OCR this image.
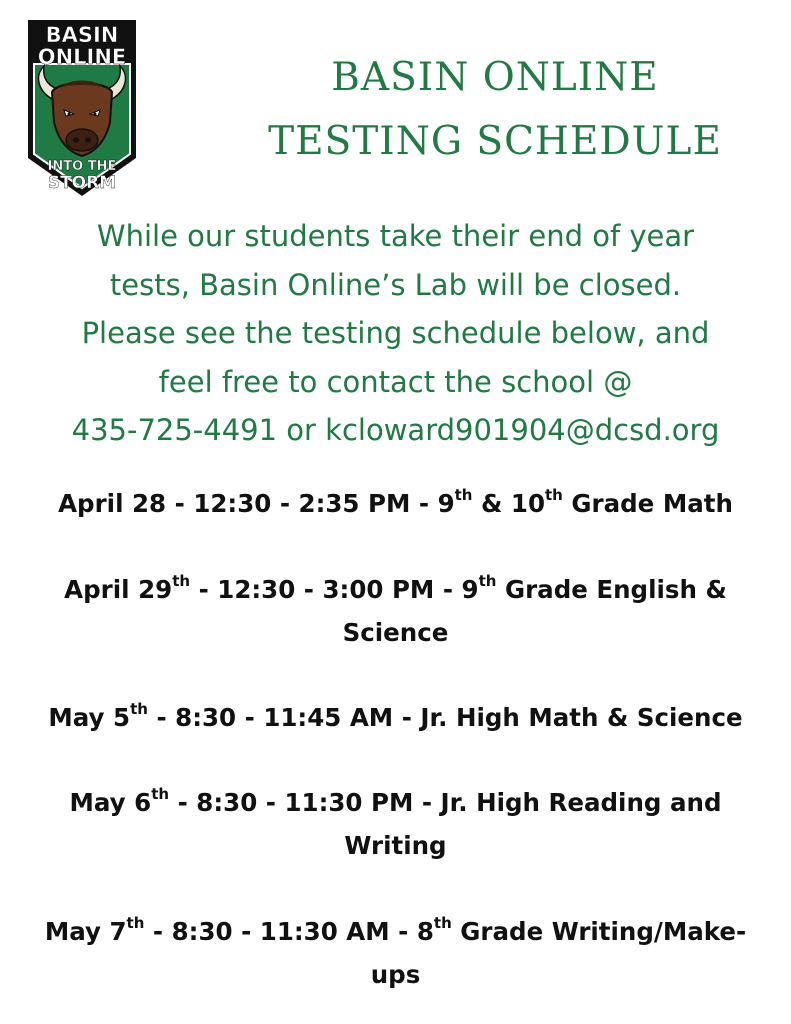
BASIN
ONLINE
INTO THE
STORM
BASIN ONLINE
TESTING SCHEDULE

While our students take their end of year
tests, Basin Online’s Lab will be closed.
Please see the testing schedule below, and
feel free to contact the school @
435-725-4491 or kcloward901904@dcsd.org

April 28 - 12:30 - 2:35 PM - 9th & 10th Grade Math
April 29th - 12:30 - 3:00 PM - 9th Grade English &
Science
May 5th - 8:30 - 11:45 AM - Jr. High Math & Science
May 6th - 8:30 - 11:30 PM - Jr. High Reading and
Writing
May 7th - 8:30 - 11:30 AM - 8th Grade Writing/Make-
ups
